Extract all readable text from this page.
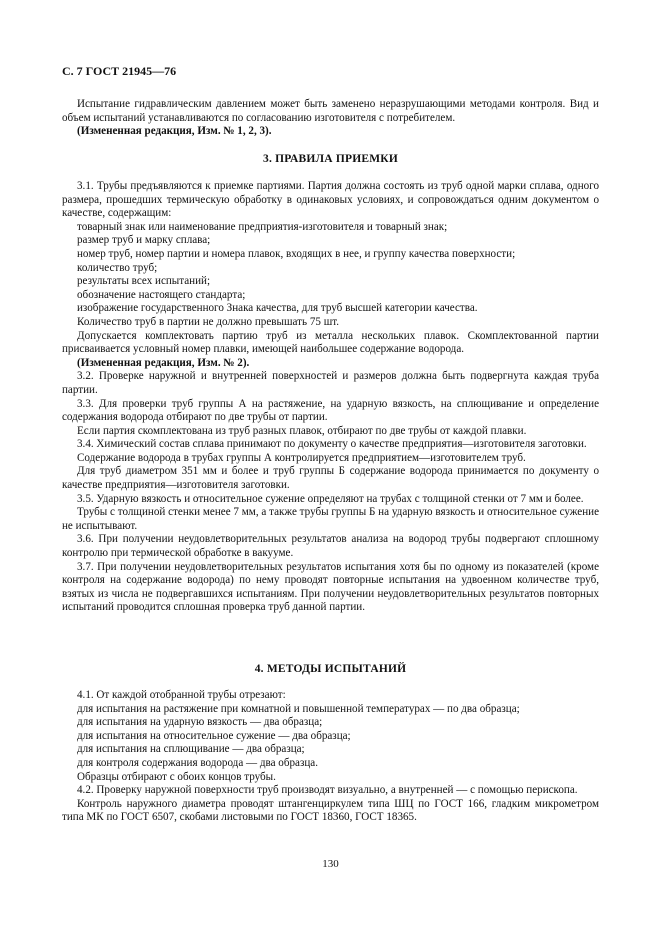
С. 7 ГОСТ 21945—76

Испытание гидравлическим давлением может быть заменено неразрушающими методами контроля. Вид и объем испытаний устанавливаются по согласованию изготовителя с потребителем.

(Измененная редакция, Изм. № 1, 2, 3).

3. ПРАВИЛА ПРИЕМКИ

3.1. Трубы предъявляются к приемке партиями. Партия должна состоять из труб одной марки сплава, одного размера, прошедших термическую обработку в одинаковых условиях, и сопровождаться одним документом о качестве, содержащим:

товарный знак или наименование предприятия-изготовителя и товарный знак;

размер труб и марку сплава;

номер труб, номер партии и номера плавок, входящих в нее, и группу качества поверхности;

количество труб;

результаты всех испытаний;

обозначение настоящего стандарта;

изображение государственного Знака качества, для труб высшей категории качества.

Количество труб в партии не должно превышать 75 шт.

Допускается комплектовать партию труб из металла нескольких плавок. Скомплектованной партии присваивается условный номер плавки, имеющей наибольшее содержание водорода.

(Измененная редакция, Изм. № 2).

3.2. Проверке наружной и внутренней поверхностей и размеров должна быть подвергнута каждая труба партии.

3.3. Для проверки труб группы А на растяжение, на ударную вязкость, на сплющивание и определение содержания водорода отбирают по две трубы от партии.

Если партия скомплектована из труб разных плавок, отбирают по две трубы от каждой плавки.

3.4. Химический состав сплава принимают по документу о качестве предприятия—изготовителя заготовки.

Содержание водорода в трубах группы А контролируется предприятием—изготовителем труб.

Для труб диаметром 351 мм и более и труб группы Б содержание водорода принимается по документу о качестве предприятия—изготовителя заготовки.

3.5. Ударную вязкость и относительное сужение определяют на трубах с толщиной стенки от 7 мм и более.

Трубы с толщиной стенки менее 7 мм, а также трубы группы Б на ударную вязкость и относительное сужение не испытывают.

3.6. При получении неудовлетворительных результатов анализа на водород трубы подвергают сплошному контролю при термической обработке в вакууме.

3.7. При получении неудовлетворительных результатов испытания хотя бы по одному из показателей (кроме контроля на содержание водорода) по нему проводят повторные испытания на удвоенном количестве труб, взятых из числа не подвергавшихся испытаниям. При получении неудовлетворительных результатов повторных испытаний проводится сплошная проверка труб данной партии.

4. МЕТОДЫ ИСПЫТАНИЙ

4.1. От каждой отобранной трубы отрезают:

для испытания на растяжение при комнатной и повышенной температурах — по два образца;

для испытания на ударную вязкость — два образца;

для испытания на относительное сужение — два образца;

для испытания на сплющивание — два образца;

для контроля содержания водорода — два образца.

Образцы отбирают с обоих концов трубы.

4.2. Проверку наружной поверхности труб производят визуально, а внутренней — с помощью перископа.

Контроль наружного диаметра проводят штангенциркулем типа ШЦ по ГОСТ 166, гладким микрометром типа МК по ГОСТ 6507, скобами листовыми по ГОСТ 18360, ГОСТ 18365.

130
